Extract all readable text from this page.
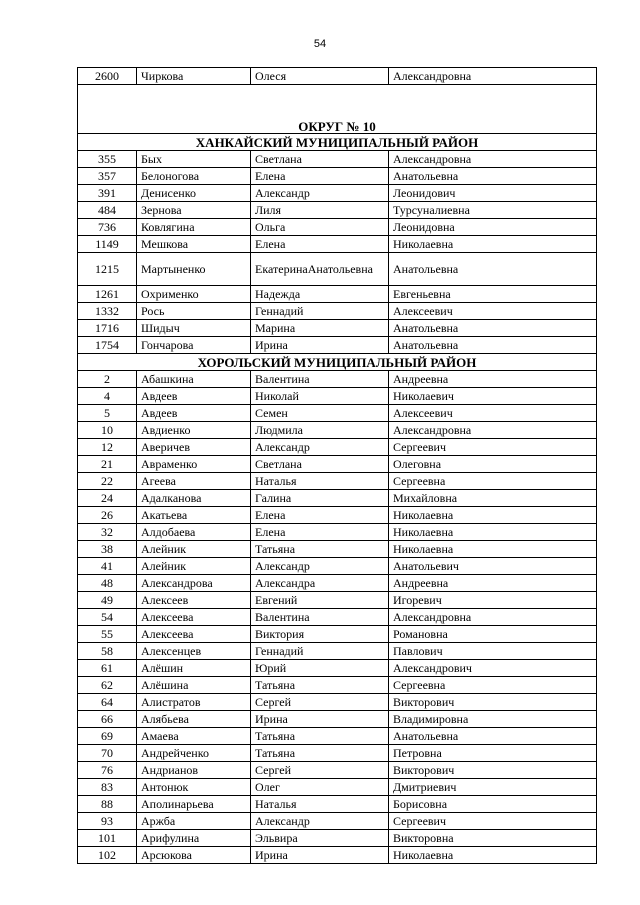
54
2600	Чиркова	Олеся	Александровна
ОКРУГ № 10			
ХАНКАЙСКИЙ МУНИЦИПАЛЬНЫЙ РАЙОН			
355	Бых	Светлана	Александровна
357	Белоногова	Елена	Анатольевна
391	Денисенко	Александр	Леонидович
484	Зернова	Лиля	Турсуналиевна
736	Ковлягина	Ольга	Леонидовна
1149	Мешкова	Елена	Николаевна
1215	Мартыненко	ЕкатеринаАнатольевна	Анатольевна
1261	Охрименко	Надежда	Евгеньевна
1332	Рось	Геннадий	Алексеевич
1716	Шидыч	Марина	Анатольевна
1754	Гончарова	Ирина	Анатольевна
ХОРОЛЬСКИЙ МУНИЦИПАЛЬНЫЙ РАЙОН			
2	Абашкина	Валентина	Андреевна
4	Авдеев	Николай	Николаевич
5	Авдеев	Семен	Алексеевич
10	Авдиенко	Людмила	Александровна
12	Аверичев	Александр	Сергеевич
21	Авраменко	Светлана	Олеговна
22	Агеева	Наталья	Сергеевна
24	Адалканова	Галина	Михайловна
26	Акатьева	Елена	Николаевна
32	Алдобаева	Елена	Николаевна
38	Алейник	Татьяна	Николаевна
41	Алейник	Александр	Анатольевич
48	Александрова	Александра	Андреевна
49	Алексеев	Евгений	Игоревич
54	Алексеева	Валентина	Александровна
55	Алексеева	Виктория	Романовна
58	Алексенцев	Геннадий	Павлович
61	Алёшин	Юрий	Александрович
62	Алёшина	Татьяна	Сергеевна
64	Алистратов	Сергей	Викторович
66	Алябьева	Ирина	Владимировна
69	Амаева	Татьяна	Анатольевна
70	Андрейченко	Татьяна	Петровна
76	Андрианов	Сергей	Викторович
83	Антонюк	Олег	Дмитриевич
88	Аполинарьева	Наталья	Борисовна
93	Аржба	Александр	Сергеевич
101	Арифулина	Эльвира	Викторовна
102	Арсюкова	Ирина	Николаевна
